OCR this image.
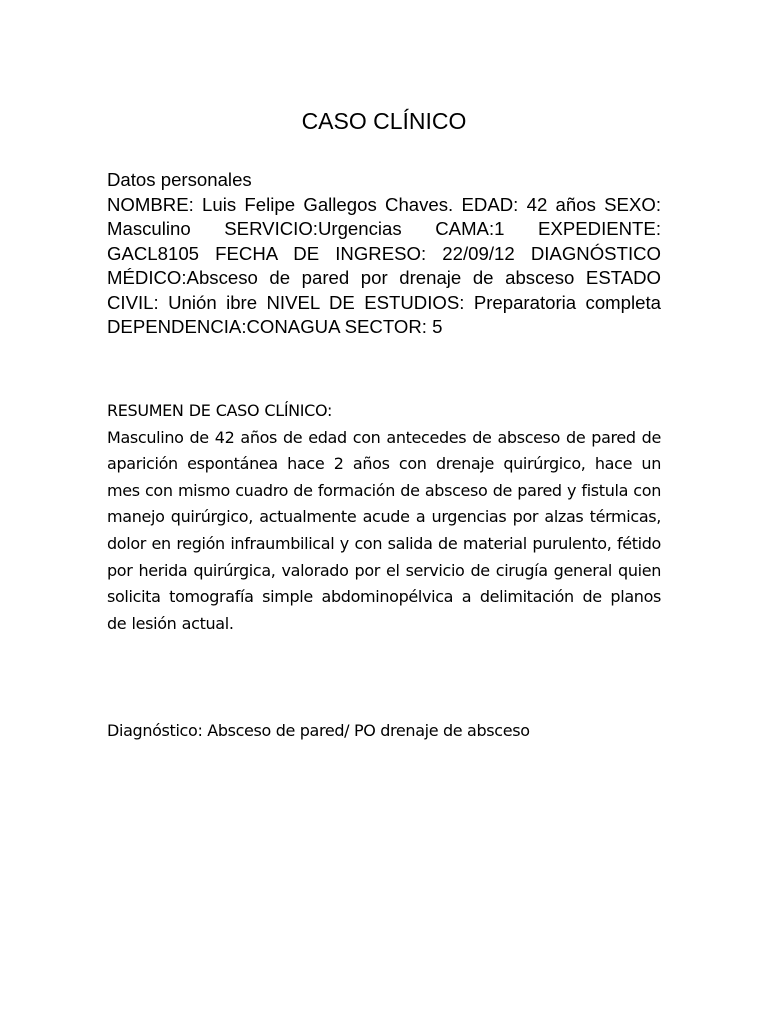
CASO CLÍNICO
Datos personales
NOMBRE: Luis Felipe Gallegos Chaves. EDAD: 42 años SEXO: Masculino SERVICIO:Urgencias CAMA:1 EXPEDIENTE: GACL8105 FECHA DE INGRESO: 22/09/12 DIAGNÓSTICO MÉDICO:Absceso de pared por drenaje de absceso ESTADO CIVIL: Unión ibre NIVEL DE ESTUDIOS: Preparatoria completa DEPENDENCIA:CONAGUA SECTOR: 5
RESUMEN DE CASO CLÍNICO:
Masculino de 42 años de edad con antecedes de absceso de pared de aparición espontánea hace 2 años con drenaje quirúrgico, hace un mes con mismo cuadro de formación de absceso de pared y fistula con manejo quirúrgico, actualmente acude a urgencias por alzas térmicas, dolor en región infraumbilical y con salida de material purulento, fétido por herida quirúrgica, valorado por el servicio de cirugía general quien solicita tomografía simple abdominopélvica a delimitación de planos de lesión actual.
Diagnóstico: Absceso de pared/ PO drenaje de absceso
